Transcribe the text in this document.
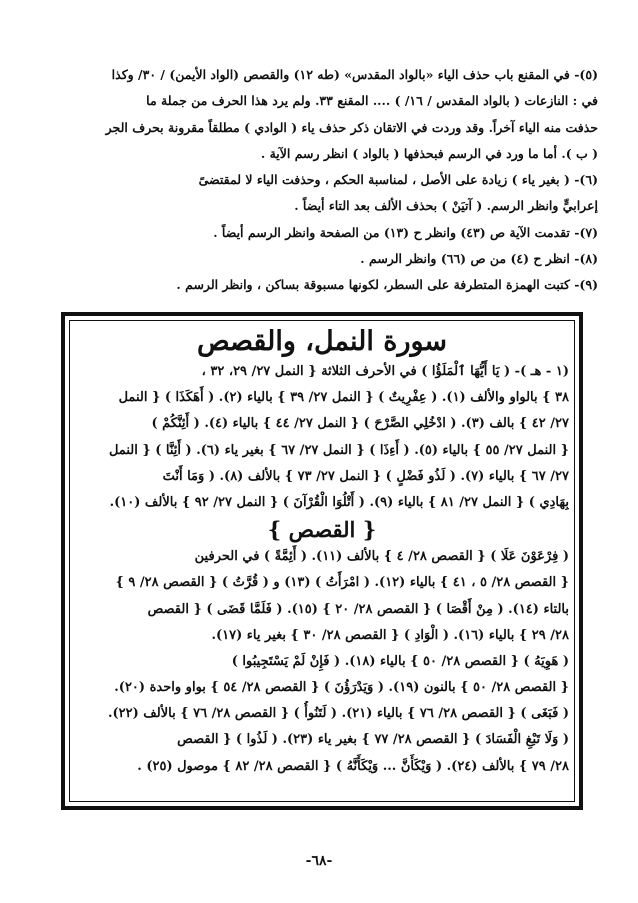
(٥)- في المقنع باب حذف الياء «بالواد المقدس» (طه ١٢) والقصص (الواد الأيمن) / ٣٠/ وكذا
في : النازعات ( بالواد المقدس / ١٦/ ) .... المقنع ٣٣. ولم يرد هذا الحرف من جملة ما
حذفت منه الياء آخراً. وقد وردت في الاتقان ذكر حذف ياء ( الوادي ) مطلقاً مقرونة بحرف الجر
( ب ). أما ما ورد في الرسم فبحذفها ( بالواد ) انظر رسم الآية .
(٦)- ( بغير ياء ) زيادة على الأصل ، لمناسبة الحكم ، وحذفت الياء لا لمقتضىً
إعرابيٍّ وانظر الرسم. ( آتيَنْ ) بحذف الألف بعد التاء أيضاً .
(٧)- تقدمت الآية ص (٤٣) وانظر ح (١٣) من الصفحة وانظر الرسم أيضاً .
(٨)- انظر ح (٤) من ص (٦٦) وانظر الرسم .
(٩)- كتبت الهمزة المتطرفة على السطر، لكونها مسبوقة بساكن ، وانظر الرسم .
سورة النمل، والقصص
(١ - هـ )- ( يَا أَيُّهَا ٱلْمَلَؤُا ) في الأحرف الثلاثة { النمل ٢٧/ ٢٩، ٣٢ ،
٣٨ } بالواو والألف (١). ( عِفْرِيتٌ ) { النمل ٢٧/ ٣٩ } بالياء (٢). ( أَهَكَذَا ) { النمل
٢٧/ ٤٢ } بالف (٣). ( ادْخُلِي الصَّرْحَ ) { النمل ٢٧/ ٤٤ } بالياء (٤). ( أَئِنَّكُمْ )
{ النمل ٢٧/ ٥٥ } بالياء (٥). ( أَءِذَا ) { النمل ٢٧/ ٦٧ } بغير ياء (٦). ( أَئِنَّا ) { النمل
٢٧/ ٦٧ } بالياء (٧). ( لَذُو فَضْلٍ ) { النمل ٢٧/ ٧٣ } بالألف (٨). ( وَمَا أَنْتَ
بِهَادِي ) { النمل ٢٧/ ٨١ } بالياء (٩). ( أَتْلُوَا الْقُرْآنَ ) { النمل ٢٧/ ٩٢ } بالألف (١٠).
{ القصص }
( فِرْعَوْنَ عَلَا ) { القصص ٢٨/ ٤ } بالألف (١١). ( أَئِمَّةً ) في الحرفين
{ القصص ٢٨/ ٥ ، ٤١ } بالياء (١٢). ( امْرَأَتُ ) (١٣) و ( قُرَّتُ ) { القصص ٢٨/ ٩ }
بالتاء (١٤). ( مِنْ أَقْصَا ) { القصص ٢٨/ ٢٠ } (١٥). ( فَلَمَّا قَضَى ) { القصص
٢٨/ ٢٩ } بالياء (١٦). ( الْوَادِ ) { القصص ٢٨/ ٣٠ } بغير ياء (١٧).
( هَوِيَهُ ) { القصص ٢٨/ ٥٠ } بالياء (١٨). ( فَإِنْ لَمْ يَسْتَجِيبُوا )
{ القصص ٢٨/ ٥٠ } بالنون (١٩). ( وَيَدْرَؤُنَ ) { القصص ٢٨/ ٥٤ } بواو واحدة (٢٠).
( فَبَغَى ) { القصص ٢٨/ ٧٦ } بالياء (٢١). ( لَتَنُوأُ ) { القصص ٢٨/ ٧٦ } بالألف (٢٢).
( وَلَا تَبْغِ الْفَسَادَ ) { القصص ٢٨/ ٧٧ } بغير ياء (٢٣). ( لَذُوا ) { القصص
٢٨/ ٧٩ } بالألف (٢٤). ( وَيْكَأَنَّ ... وَيْكَأَنَّهُ ) { القصص ٢٨/ ٨٢ } موصول (٢٥) .
-٦٨-
